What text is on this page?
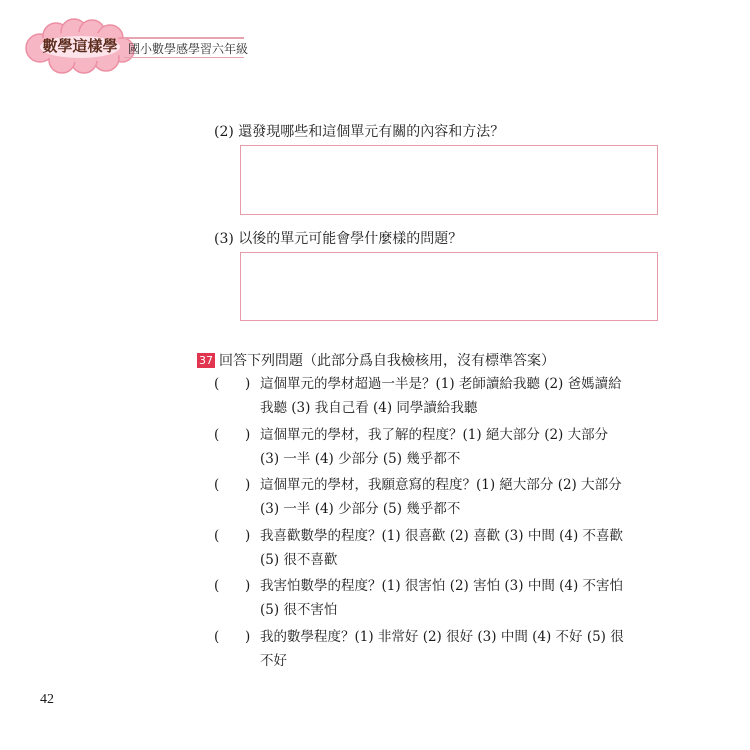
數學這樣學 國小數學感學習六年級
(2) 還發現哪些和這個單元有關的內容和方法？
(3) 以後的單元可能會學什麼樣的問題？
37 回答下列問題（此部分爲自我檢核用，沒有標準答案）
(      ) 這個單元的學材超過一半是？(1) 老師讀給我聽 (2) 爸媽讀給
我聽 (3) 我自己看 (4) 同學讀給我聽
(      ) 這個單元的學材，我了解的程度？(1) 絕大部分 (2) 大部分
(3) 一半 (4) 少部分 (5) 幾乎都不
(      ) 這個單元的學材，我願意寫的程度？(1) 絕大部分 (2) 大部分
(3) 一半 (4) 少部分 (5) 幾乎都不
(      ) 我喜歡數學的程度？(1) 很喜歡 (2) 喜歡 (3) 中間 (4) 不喜歡
(5) 很不喜歡
(      ) 我害怕數學的程度？(1) 很害怕 (2) 害怕 (3) 中間 (4) 不害怕
(5) 很不害怕
(      ) 我的數學程度？(1) 非常好 (2) 很好 (3) 中間 (4) 不好 (5) 很
不好
42
